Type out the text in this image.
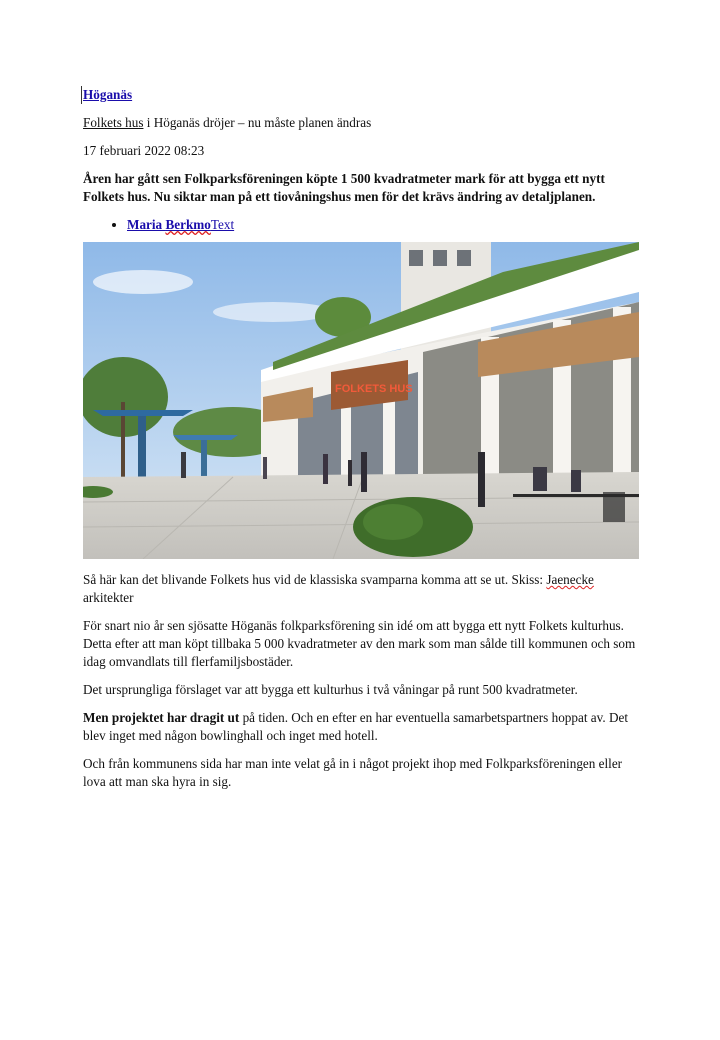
Höganäs

Folkets hus i Höganäs dröjer – nu måste planen ändras

17 februari 2022 08:23

Åren har gått sen Folkparksföreningen köpte 1 500 kvadratmeter mark för att bygga ett nytt Folkets hus. Nu siktar man på ett tiovåningshus men för det krävs ändring av detaljplanen.

• Maria BerkmoText
FOLKETS HUS

Så här kan det blivande Folkets hus vid de klassiska svamparna komma att se ut. Skiss: Jaenecke arkitekter

För snart nio år sen sjösatte Höganäs folkparksförening sin idé om att bygga ett nytt Folkets kulturhus. Detta efter att man köpt tillbaka 5 000 kvadratmeter av den mark som man sålde till kommunen och som idag omvandlats till flerfamiljsbostäder.

Det ursprungliga förslaget var att bygga ett kulturhus i två våningar på runt 500 kvadratmeter.

Men projektet har dragit ut på tiden. Och en efter en har eventuella samarbetspartners hoppat av. Det blev inget med någon bowlinghall och inget med hotell.

Och från kommunens sida har man inte velat gå in i något projekt ihop med Folkparksföreningen eller lova att man ska hyra in sig.
